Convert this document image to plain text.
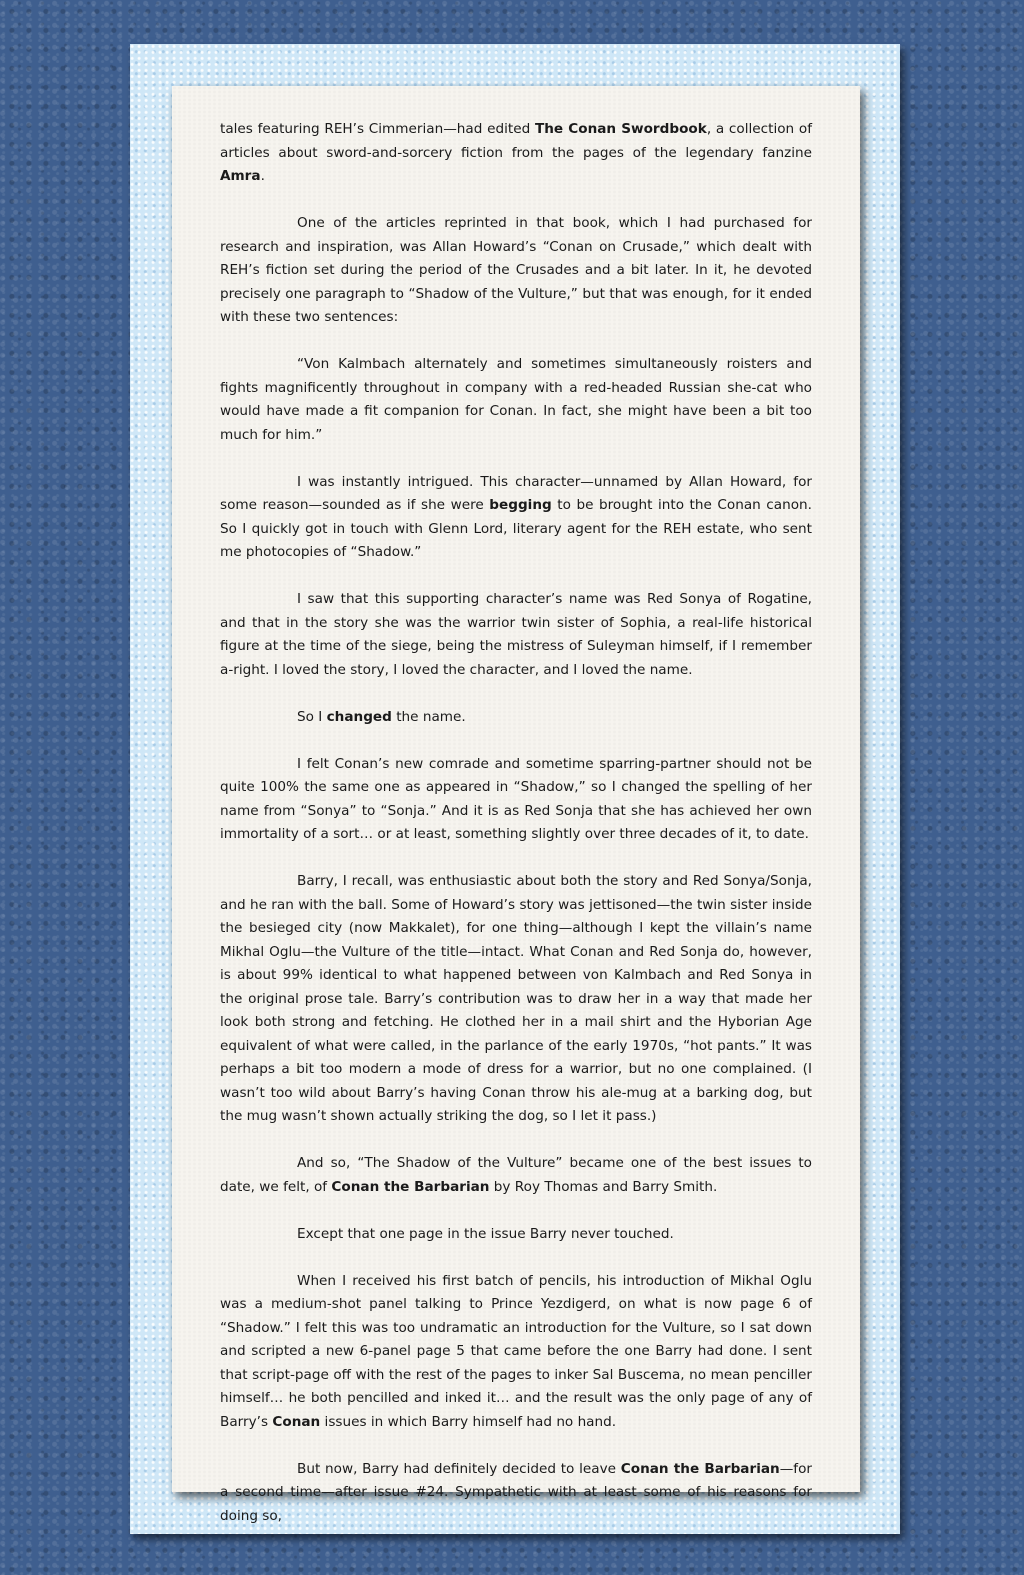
tales featuring REH’s Cimmerian—had edited The Conan Swordbook, a collection of articles about sword-and-sorcery fiction from the pages of the legendary fanzine Amra.

One of the articles reprinted in that book, which I had purchased for research and inspiration, was Allan Howard’s “Conan on Crusade,” which dealt with REH’s fiction set during the period of the Crusades and a bit later. In it, he devoted precisely one paragraph to “Shadow of the Vulture,” but that was enough, for it ended with these two sentences:

“Von Kalmbach alternately and sometimes simultaneously roisters and fights magnificently throughout in company with a red-headed Russian she-cat who would have made a fit companion for Conan. In fact, she might have been a bit too much for him.”

I was instantly intrigued. This character—unnamed by Allan Howard, for some reason—sounded as if she were begging to be brought into the Conan canon. So I quickly got in touch with Glenn Lord, literary agent for the REH estate, who sent me photocopies of “Shadow.”

I saw that this supporting character’s name was Red Sonya of Rogatine, and that in the story she was the warrior twin sister of Sophia, a real-life historical figure at the time of the siege, being the mistress of Suleyman himself, if I remember a-right. I loved the story, I loved the character, and I loved the name.

So I changed the name.

I felt Conan’s new comrade and sometime sparring-partner should not be quite 100% the same one as appeared in “Shadow,” so I changed the spelling of her name from “Sonya” to “Sonja.” And it is as Red Sonja that she has achieved her own immortality of a sort… or at least, something slightly over three decades of it, to date.

Barry, I recall, was enthusiastic about both the story and Red Sonya/Sonja, and he ran with the ball. Some of Howard’s story was jettisoned—the twin sister inside the besieged city (now Makkalet), for one thing—although I kept the villain’s name Mikhal Oglu—the Vulture of the title—intact. What Conan and Red Sonja do, however, is about 99% identical to what happened between von Kalmbach and Red Sonya in the original prose tale. Barry’s contribution was to draw her in a way that made her look both strong and fetching. He clothed her in a mail shirt and the Hyborian Age equivalent of what were called, in the parlance of the early 1970s, “hot pants.” It was perhaps a bit too modern a mode of dress for a warrior, but no one complained. (I wasn’t too wild about Barry’s having Conan throw his ale-mug at a barking dog, but the mug wasn’t shown actually striking the dog, so I let it pass.)

And so, “The Shadow of the Vulture” became one of the best issues to date, we felt, of Conan the Barbarian by Roy Thomas and Barry Smith.

Except that one page in the issue Barry never touched.

When I received his first batch of pencils, his introduction of Mikhal Oglu was a medium-shot panel talking to Prince Yezdigerd, on what is now page 6 of “Shadow.” I felt this was too undramatic an introduction for the Vulture, so I sat down and scripted a new 6-panel page 5 that came before the one Barry had done. I sent that script-page off with the rest of the pages to inker Sal Buscema, no mean penciller himself… he both pencilled and inked it… and the result was the only page of any of Barry’s Conan issues in which Barry himself had no hand.

But now, Barry had definitely decided to leave Conan the Barbarian—for a second time—after issue #24. Sympathetic with at least some of his reasons for doing so,
